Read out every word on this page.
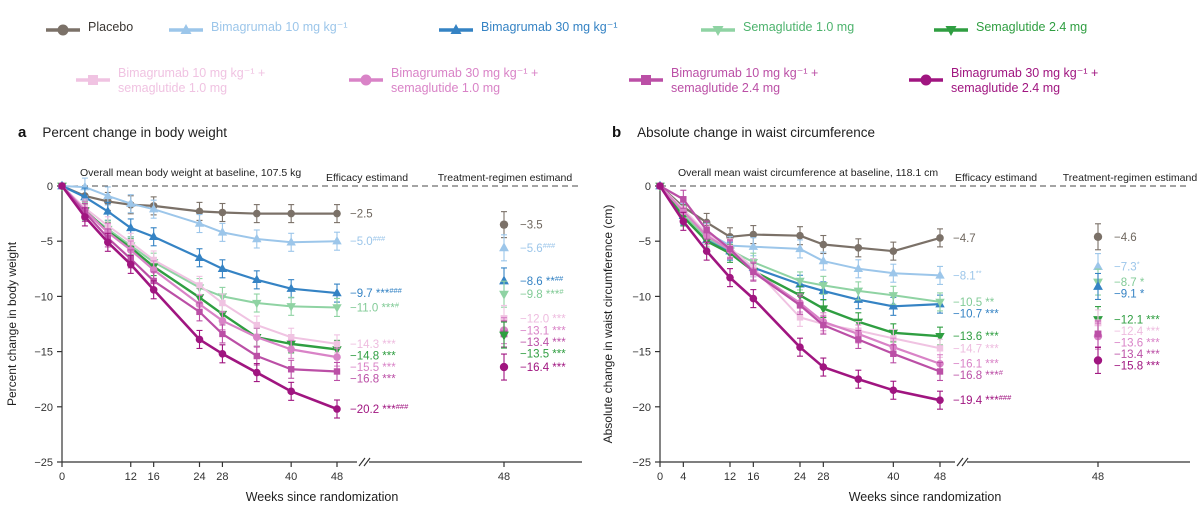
Placebo	Bimagrumab 10 mg kg⁻¹	Bimagrumab 30 mg kg⁻¹	Semaglutide 1.0 mg	Semaglutide 2.4 mg
Bimagrumab 10 mg kg⁻¹ +
semaglutide 1.0 mg
Bimagrumab 30 mg kg⁻¹ +
semaglutide 1.0 mg
Bimagrumab 10 mg kg⁻¹ +
semaglutide 2.4 mg
Bimagrumab 30 mg kg⁻¹ +
semaglutide 2.4 mg
a Percent change in body weight	b Absolute change in waist circumference
Overall mean body weight at baseline, 107.5 kg Efficacy estimand	Treatment-regimen estimand
0
−5
−10
−15
−20
−25
0	12 16	24 28	40	48	48
Weeks since randomization
Percent change in body weight
−2.5
−5.0###
−9.7 ***###
−11.0 ***#
−14.3 ***
−14.8 ***
−15.5 ***
−16.8 ***
−20.2 ***###
−3.5
−5.6###
−8.6 **##
−9.8 ***#
−12.0 ***
−13.1 ***
−13.4 ***
−13.5 ***
−16.4 ***
Overall mean waist circumference at baseline, 118.1 cm Efficacy estimand Treatment-regimen estimand
0
−5
−10
−15
−20
−25
0 4	12 16	24 28	40	48	48
Weeks since randomization
Absolute change in waist circumference (cm)	−4.7
−8.1**
−10.5 **
−10.7 ***
−13.6 ***
−14.7 ***
−16.1 ***
−16.8 ***#
−19.4 ***###
−4.6
−7.3*
−8.7 *
−9.1 *
−12.1 ***
−12.4 ***
−13.6 ***
−13.4 ***
−15.8 ***
